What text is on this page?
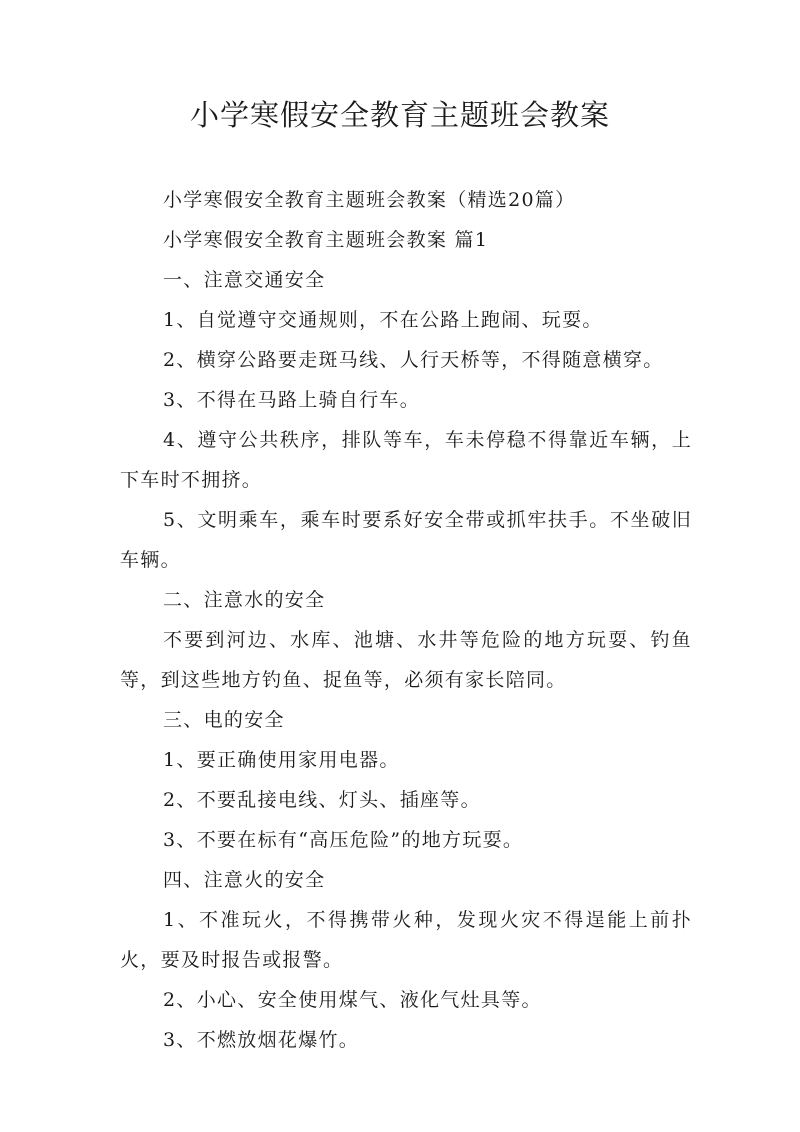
小学寒假安全教育主题班会教案

小学寒假安全教育主题班会教案（精选20篇）

小学寒假安全教育主题班会教案 篇1

一、注意交通安全

1、自觉遵守交通规则，不在公路上跑闹、玩耍。

2、横穿公路要走斑马线、人行天桥等，不得随意横穿。

3、不得在马路上骑自行车。

4、遵守公共秩序，排队等车，车未停稳不得靠近车辆，上下车时不拥挤。

5、文明乘车，乘车时要系好安全带或抓牢扶手。不坐破旧车辆。

二、注意水的安全

不要到河边、水库、池塘、水井等危险的地方玩耍、钓鱼等，到这些地方钓鱼、捉鱼等，必须有家长陪同。

三、电的安全

1、要正确使用家用电器。

2、不要乱接电线、灯头、插座等。

3、不要在标有“高压危险”的地方玩耍。

四、注意火的安全

1、不准玩火，不得携带火种，发现火灾不得逞能上前扑火，要及时报告或报警。

2、小心、安全使用煤气、液化气灶具等。

3、不燃放烟花爆竹。
